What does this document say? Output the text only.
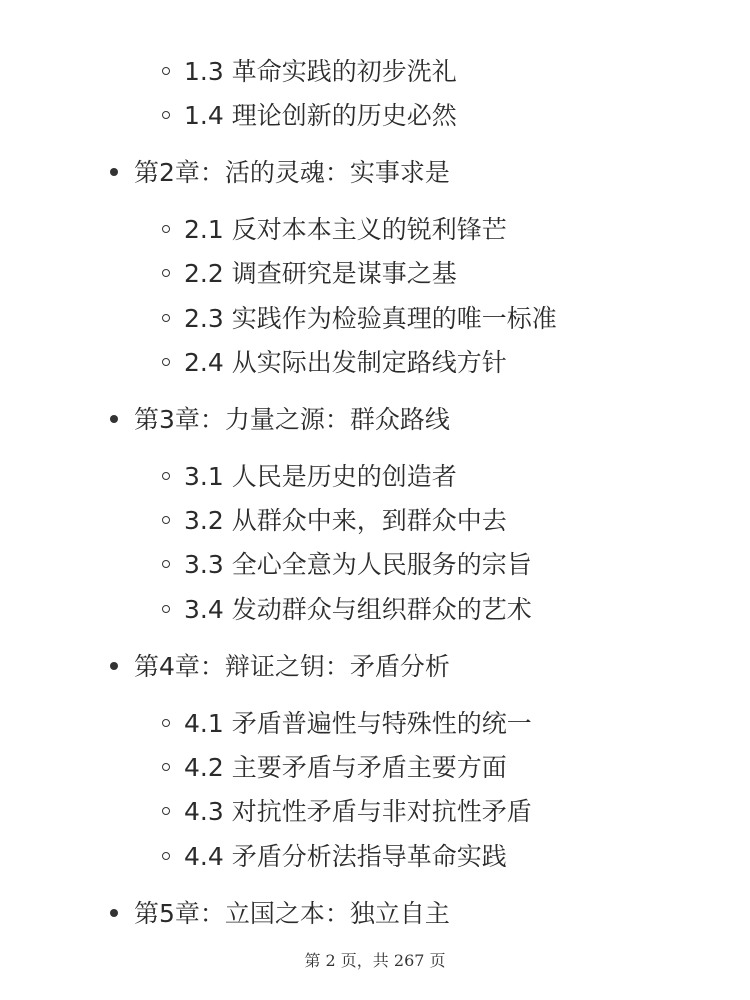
1.3 革命实践的初步洗礼
1.4 理论创新的历史必然
第2章：活的灵魂：实事求是
2.1 反对本本主义的锐利锋芒
2.2 调查研究是谋事之基
2.3 实践作为检验真理的唯一标准
2.4 从实际出发制定路线方针
第3章：力量之源：群众路线
3.1 人民是历史的创造者
3.2 从群众中来，到群众中去
3.3 全心全意为人民服务的宗旨
3.4 发动群众与组织群众的艺术
第4章：辩证之钥：矛盾分析
4.1 矛盾普遍性与特殊性的统一
4.2 主要矛盾与矛盾主要方面
4.3 对抗性矛盾与非对抗性矛盾
4.4 矛盾分析法指导革命实践
第5章：立国之本：独立自主
第 2 页，共 267 页
